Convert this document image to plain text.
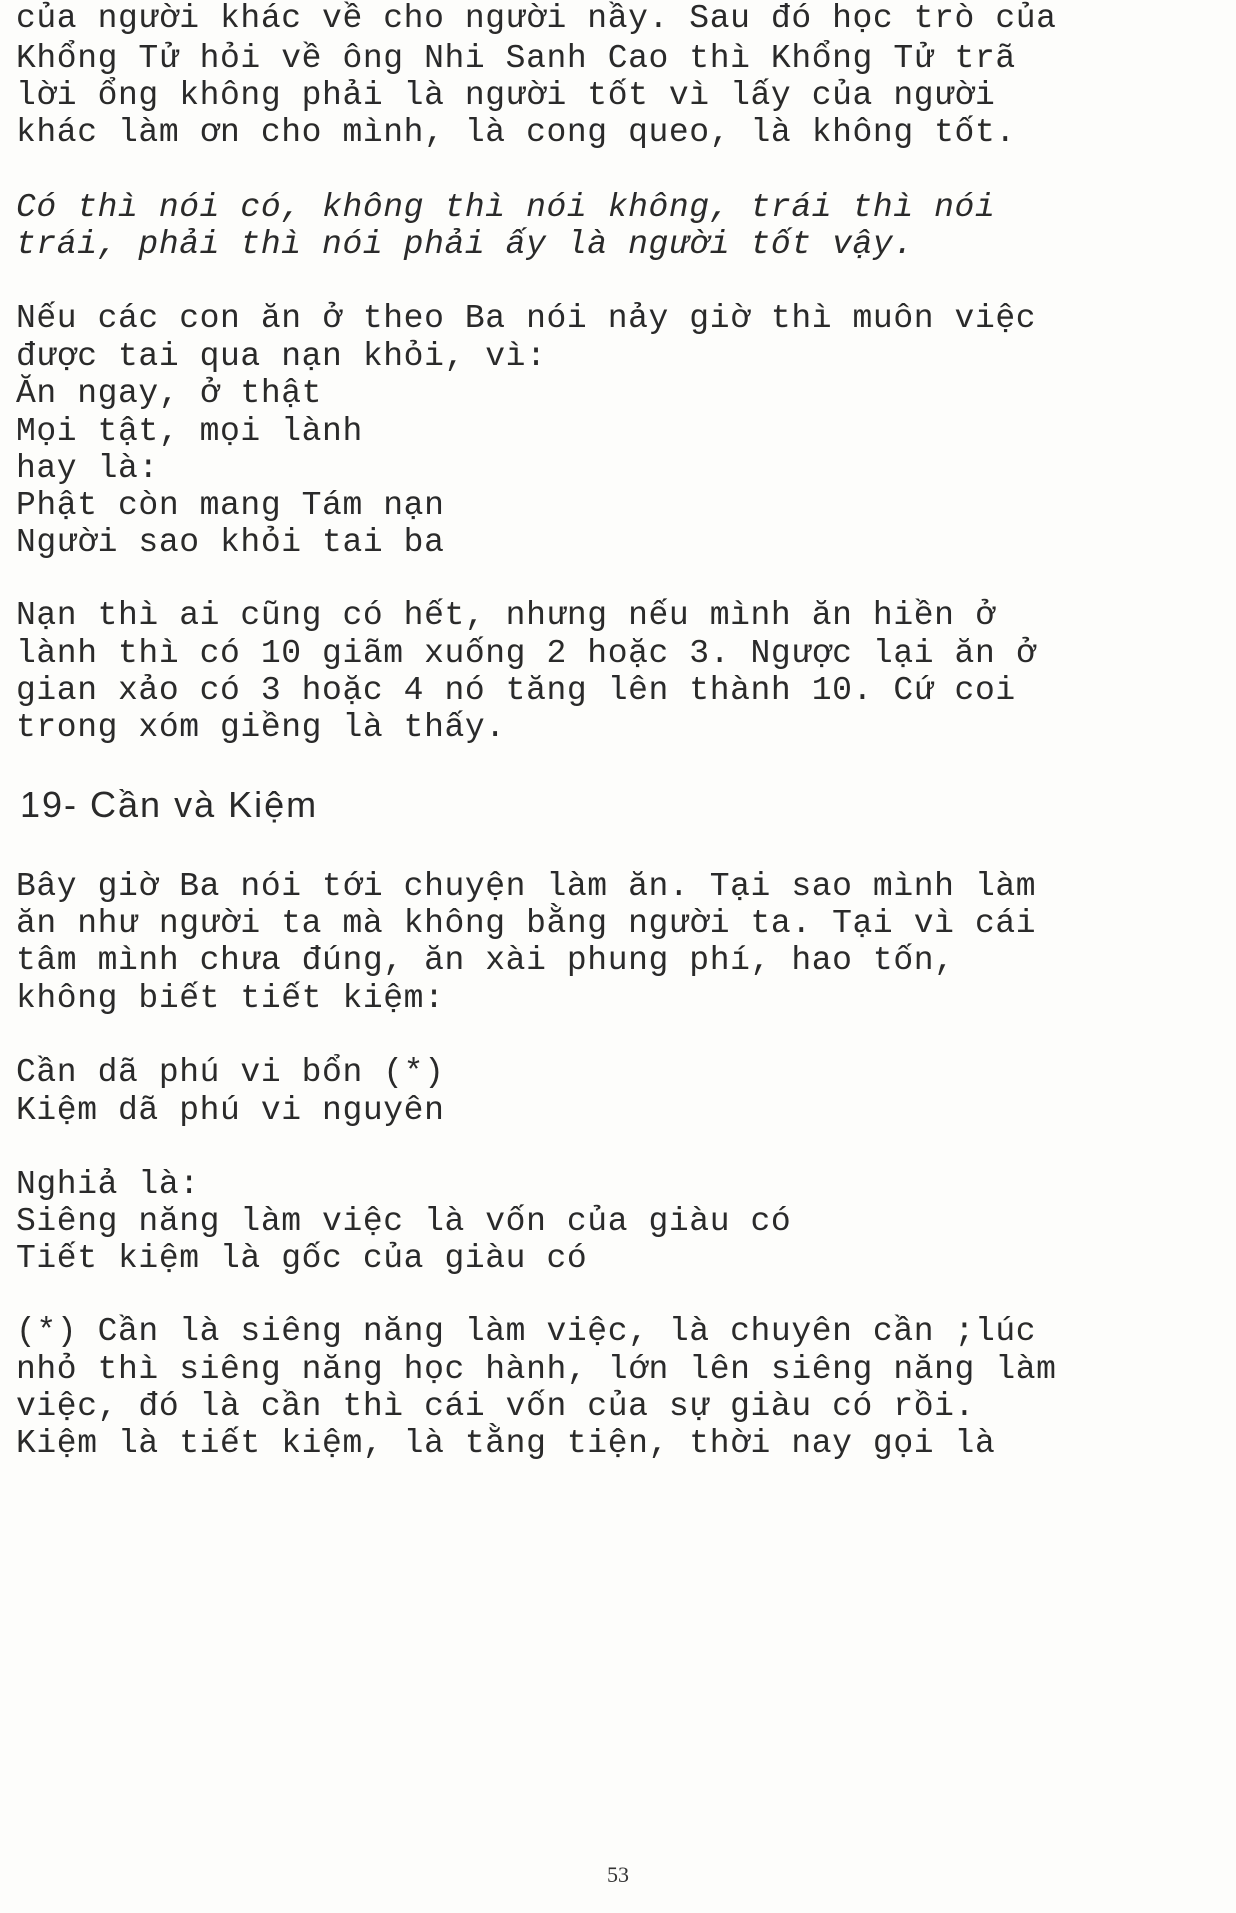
của người khác về cho người nầy. Sau đó học trò của

Khổng Tử hỏi về ông Nhi Sanh Cao thì Khổng Tử trã

lời ổng không phải là người tốt vì lấy của người

khác làm ơn cho mình, là cong queo, là không tốt.

Có thì nói có, không thì nói không, trái thì nói

trái, phải thì nói phải ấy là người tốt vậy.

Nếu các con ăn ở theo Ba nói nảy giờ thì muôn việc

được tai qua nạn khỏi, vì:

Ăn ngay, ở thật

Mọi tật, mọi lành

hay là:

Phật còn mang Tám nạn

Người sao khỏi tai ba

Nạn thì ai cũng có hết, nhưng nếu mình ăn hiền ở

lành thì có 10 giãm xuống 2 hoặc 3. Ngược lại ăn ở

gian xảo có 3 hoặc 4 nó tăng lên thành 10. Cứ coi

trong xóm giềng là thấy.

19- Cần và Kiệm

Bây giờ Ba nói tới chuyện làm ăn. Tại sao mình làm

ăn như người ta mà không bằng người ta. Tại vì cái

tâm mình chưa đúng, ăn xài phung phí, hao tốn,

không biết tiết kiệm:

Cần dã phú vi bổn (*)

Kiệm dã phú vi nguyên

Nghiả là:

Siêng năng làm việc là vốn của giàu có

Tiết kiệm là gốc của giàu có

(*) Cần là siêng năng làm việc, là chuyên cần ;lúc

nhỏ thì siêng năng học hành, lớn lên siêng năng làm

việc, đó là cần thì cái vốn của sự giàu có rồi.

Kiệm là tiết kiệm, là tằng tiện, thời nay gọi là

53
